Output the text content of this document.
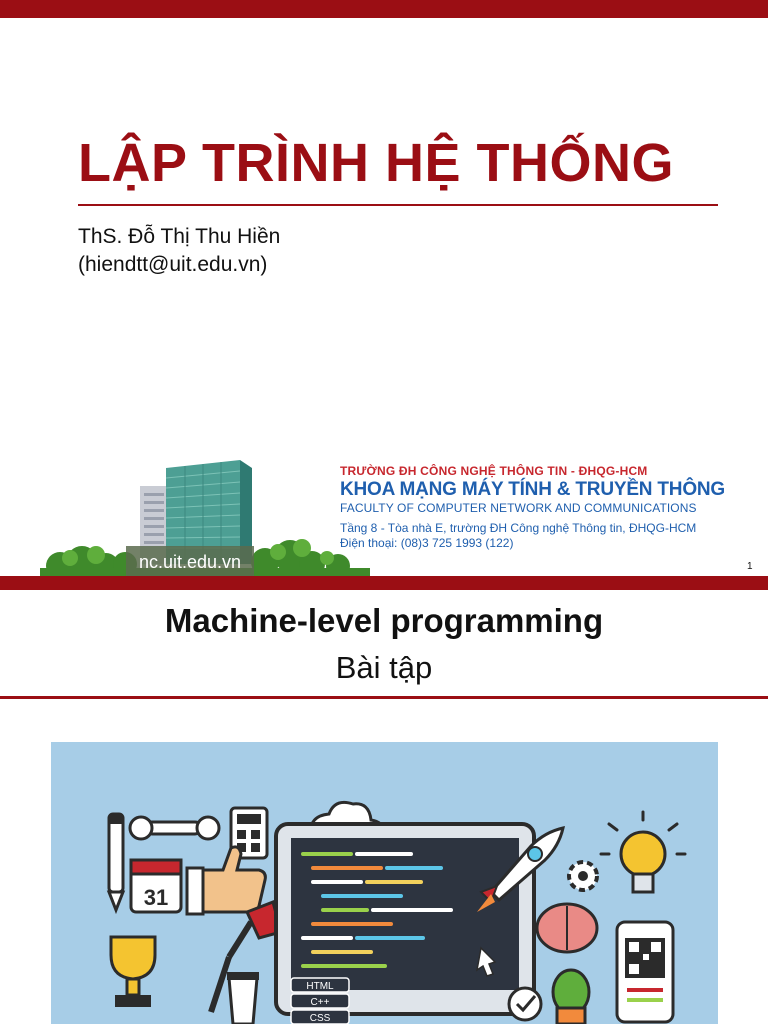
LẬP TRÌNH HỆ THỐNG
ThS. Đỗ Thị Thu Hiền
(hiendtt@uit.edu.vn)
nc.uit.edu.vn
TRƯỜNG ĐH CÔNG NGHỆ THÔNG TIN - ĐHQG-HCM
KHOA MẠNG MÁY TÍNH & TRUYỀN THÔNG
FACULTY OF COMPUTER NETWORK AND COMMUNICATIONS
Tầng 8 - Tòa nhà E, trường ĐH Công nghệ Thông tin, ĐHQG-HCM
Điện thoại: (08)3 725 1993 (122)
1
Machine-level programming
Bài tập
31
HTML
C++
CSS
